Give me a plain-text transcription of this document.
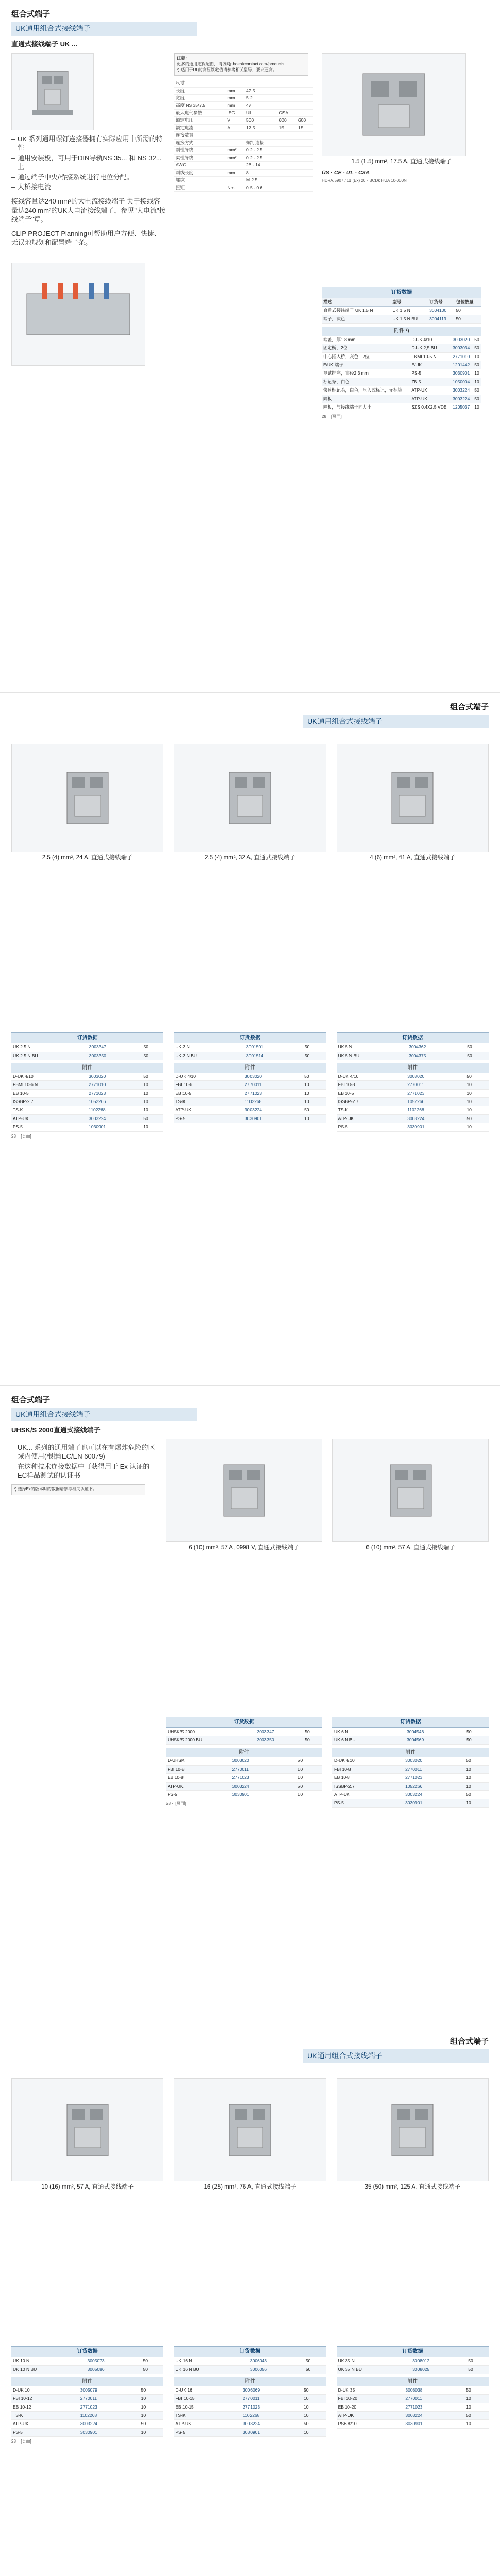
组合式端子
UK通用组合式接线端子
直通式接线端子 UK ...
– UK 系列通用螺钉连接器拥有实际应用中所需的特性
– 通用安装板，可用于DIN导轨NS 35... 和 NS 32... 上
– 通过端子中央/桥接系统进行电位分配。
– 大桥接电流

接线容量达240 mm²的大电流接线端子 关于接线容量达240 mm²的UK大电流接线端子，参见"大电流"接线端子"章。

CLIP PROJECT Planning可帮助用户方便、快捷、无误地规划和配置端子条。

注意：
更多的通用定保配图，请访问phoenixcontact.com/products
¹) 适用于UL的高压额定值请参考相关型号，要求更高。
尺寸				
长度	mm	42.5		
宽度	mm	5.2		
高度 NS 35/7.5	mm	47		
最大电气参数	IEC	UL	CSA	
额定电压	V	500	600	600
额定电流	A	17.5	15	15
连接数据				
连接方式		螺钉连接		
刚性导线	mm²	0.2 - 2.5		
柔性导线	mm²	0.2 - 2.5		
AWG		26 - 14		
剥线长度	mm	8		
螺纹		M 2.5		
扭矩	Nm	0.5 - 0.6		
1.5 (1.5) mm², 17.5 A, 直通式接线端子
ÜS · CE · UL · CSA
HDRA 5907 / 11 (Ex) 20 · BCDk HUA 10-000N
订货数据
描述	型号	订货号	包装数量
直通式接线端子 UK 1.5 N	UK 1,5 N	3004100	50
端子，灰色	UK 1,5 N BU	3004113	50
附件 ¹)
端盖，厚1.8 mm	D-UK 4/10	3003020	50
固定桥，2位	D-UK 2,5 BU	3003034	50
中心插入桥，灰色，2位	FBMI 10-5 N	2771010	10
E/UK 端子	E/UK	1201442	50
测试插座，直径2.3 mm	PS-5	3030901	10
标记条，白色	ZB 5	1050004	10
快速标记头，白色，压入式标记，无标签	ATP-UK	3003224	50
隔板	ATP-UK	3003224	50
隔板，与接线端子同大小	SZS 0,4X2,5 VDE	1205037	10
28 ·  [页面]
组合式端子
UK通用组合式接线端子
2.5 (4) mm², 24 A, 直通式接线端子
订货数据
UK 2.5 N	3003347	50
UK 2.5 N BU	3003350	50
附件
D-UK 4/10	3003020	50
FBMI 10-6 N	2771010	10
EB 10-5	2771023	10
ISSBP-2.7	1052266	10
TS-K	1102268	10
ATP-UK	3003224	50
PS-5	1030901	10
28 ·  [页面]
2.5 (4) mm², 32 A, 直通式接线端子
订货数据
UK 3 N	3001501	50
UK 3 N BU	3001514	50
附件
D-UK 4/10	3003020	50
FBI 10-6	2770011	10
EB 10-5	2771023	10
TS-K	1102268	10
ATP-UK	3003224	50
PS-5	3030901	10
4 (6) mm², 41 A, 直通式接线端子
订货数据
UK 5 N	3004362	50
UK 5 N BU	3004375	50
附件
D-UK 4/10	3003020	50
FBI 10-8	2770011	10
EB 10-5	2771023	10
ISSBP-2.7	1052266	10
TS-K	1102268	10
ATP-UK	3003224	50
PS-5	3030901	10
组合式端子
UK通用组合式接线端子
UHSK/S 2000直通式接线端子
– UK... 系列的通用端子也可以在有爆炸危险的区域内使用(根据IEC/EN 60079)
– 在这种技术连接数据中可获得用于 Ex 认证的EC样品测试的认证书
¹) 选择Ex的版本时的数据请参考相关认证书。
6 (10) mm², 57 A, 0998 V, 直通式接线端子
订货数据
UHSK/S 2000	3003347	50
UHSK/S 2000 BU	3003350	50
附件
D-UHSK	3003020	50
FBI 10-8	2770011	10
EB 10-8	2771023	10
ATP-UK	3003224	50
PS-5	3030901	10
28 ·  [页面]
6 (10) mm², 57 A, 直通式接线端子
订货数据
UK 6 N	3004546	50
UK 6 N BU	3004569	50
附件
D-UK 4/10	3003020	50
FBI 10-8	2770011	10
EB 10-8	2771023	10
ISSBP-2.7	1052266	10
ATP-UK	3003224	50
PS-5	3030901	10
组合式端子
UK通用组合式接线端子
10 (16) mm², 57 A, 直通式接线端子
订货数据
UK 10 N	3005073	50
UK 10 N BU	3005086	50
附件
D-UK 10	3005079	50
FBI 10-12	2770011	10
EB 10-12	2771023	10
TS-K	1102268	10
ATP-UK	3003224	50
PS-5	3030901	10
28 ·  [页面]
16 (25) mm², 76 A, 直通式接线端子
订货数据
UK 16 N	3006043	50
UK 16 N BU	3006056	50
附件
D-UK 16	3006069	50
FBI 10-15	2770011	10
EB 10-15	2771023	10
TS-K	1102268	10
ATP-UK	3003224	50
PS-5	3030901	10
35 (50) mm², 125 A, 直通式接线端子
订货数据
UK 35 N	3008012	50
UK 35 N BU	3008025	50
附件
D-UK 35	3008038	50
FBI 10-20	2770011	10
EB 10-20	2771023	10
ATP-UK	3003224	50
PSB 8/10	3030901	10
